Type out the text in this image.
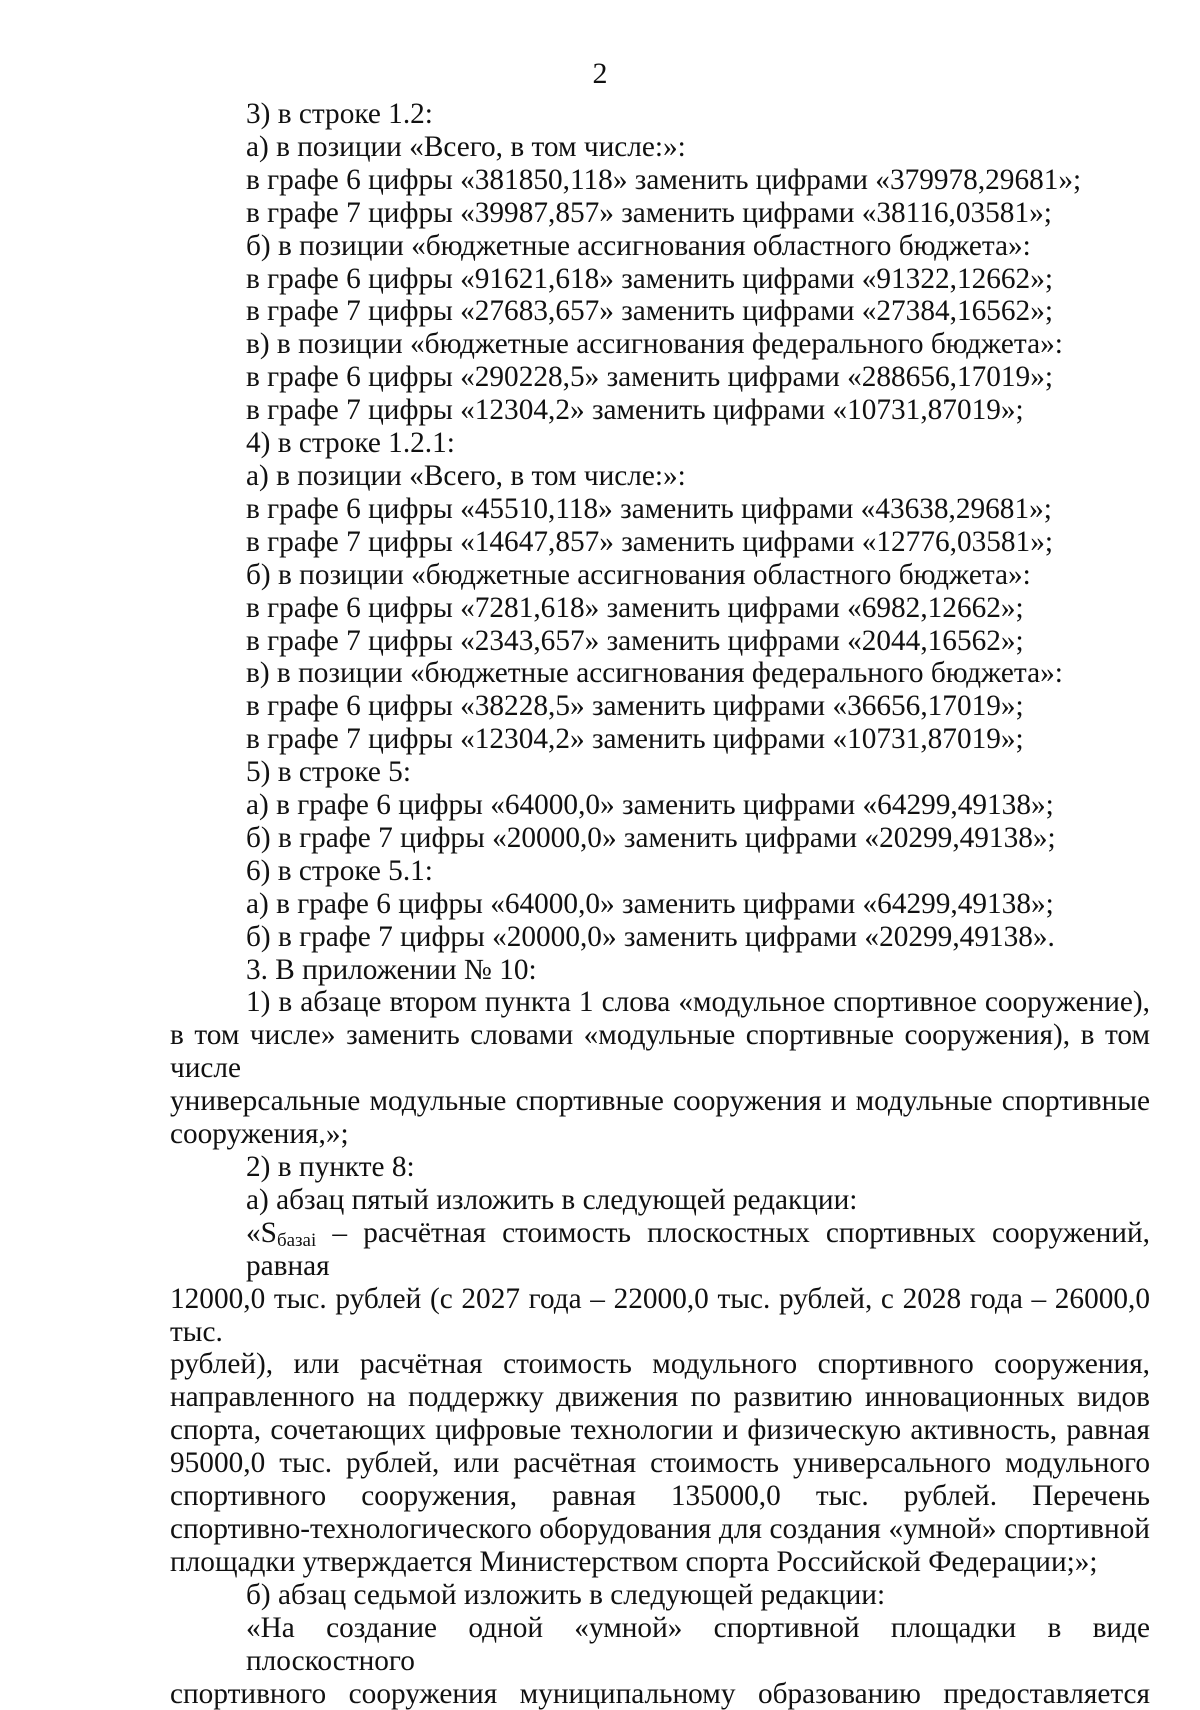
2
3) в строке 1.2:
а) в позиции «Всего, в том числе:»:
в графе 6 цифры «381850,118» заменить цифрами «379978,29681»;
в графе 7 цифры «39987,857» заменить цифрами «38116,03581»;
б) в позиции «бюджетные ассигнования областного бюджета»:
в графе 6 цифры «91621,618» заменить цифрами «91322,12662»;
в графе 7 цифры «27683,657» заменить цифрами «27384,16562»;
в) в позиции «бюджетные ассигнования федерального бюджета»:
в графе 6 цифры «290228,5» заменить цифрами «288656,17019»;
в графе 7 цифры «12304,2» заменить цифрами «10731,87019»;
4) в строке 1.2.1:
а) в позиции «Всего, в том числе:»:
в графе 6 цифры «45510,118» заменить цифрами «43638,29681»;
в графе 7 цифры «14647,857» заменить цифрами «12776,03581»;
б) в позиции «бюджетные ассигнования областного бюджета»:
в графе 6 цифры «7281,618» заменить цифрами «6982,12662»;
в графе 7 цифры «2343,657» заменить цифрами «2044,16562»;
в) в позиции «бюджетные ассигнования федерального бюджета»:
в графе 6 цифры «38228,5» заменить цифрами «36656,17019»;
в графе 7 цифры «12304,2» заменить цифрами «10731,87019»;
5) в строке 5:
а) в графе 6 цифры «64000,0» заменить цифрами «64299,49138»;
б) в графе 7 цифры «20000,0» заменить цифрами «20299,49138»;
6) в строке 5.1:
а) в графе 6 цифры «64000,0» заменить цифрами «64299,49138»;
б) в графе 7 цифры «20000,0» заменить цифрами «20299,49138».
3. В приложении № 10:
1) в абзаце втором пункта 1 слова «модульное спортивное сооружение),
в том числе» заменить словами «модульные спортивные сооружения), в том числе
универсальные модульные спортивные сооружения и модульные спортивные
сооружения,»;
2) в пункте 8:
а) абзац пятый изложить в следующей редакции:
«$S_{базаі}$ – расчётная стоимость плоскостных спортивных сооружений, равная
12000,0 тыс. рублей (с 2027 года – 22000,0 тыс. рублей, с 2028 года – 26000,0 тыс.
рублей), или расчётная стоимость модульного спортивного сооружения,
направленного на поддержку движения по развитию инновационных видов
спорта, сочетающих цифровые технологии и физическую активность, равная
95000,0 тыс. рублей, или расчётная стоимость универсального модульного
спортивного сооружения, равная 135000,0 тыс. рублей. Перечень
спортивно-технологического оборудования для создания «умной» спортивной
площадки утверждается Министерством спорта Российской Федерации;»;
б) абзац седьмой изложить в следующей редакции:
«На создание одной «умной» спортивной площадки в виде плоскостного
спортивного сооружения муниципальному образованию предоставляется
